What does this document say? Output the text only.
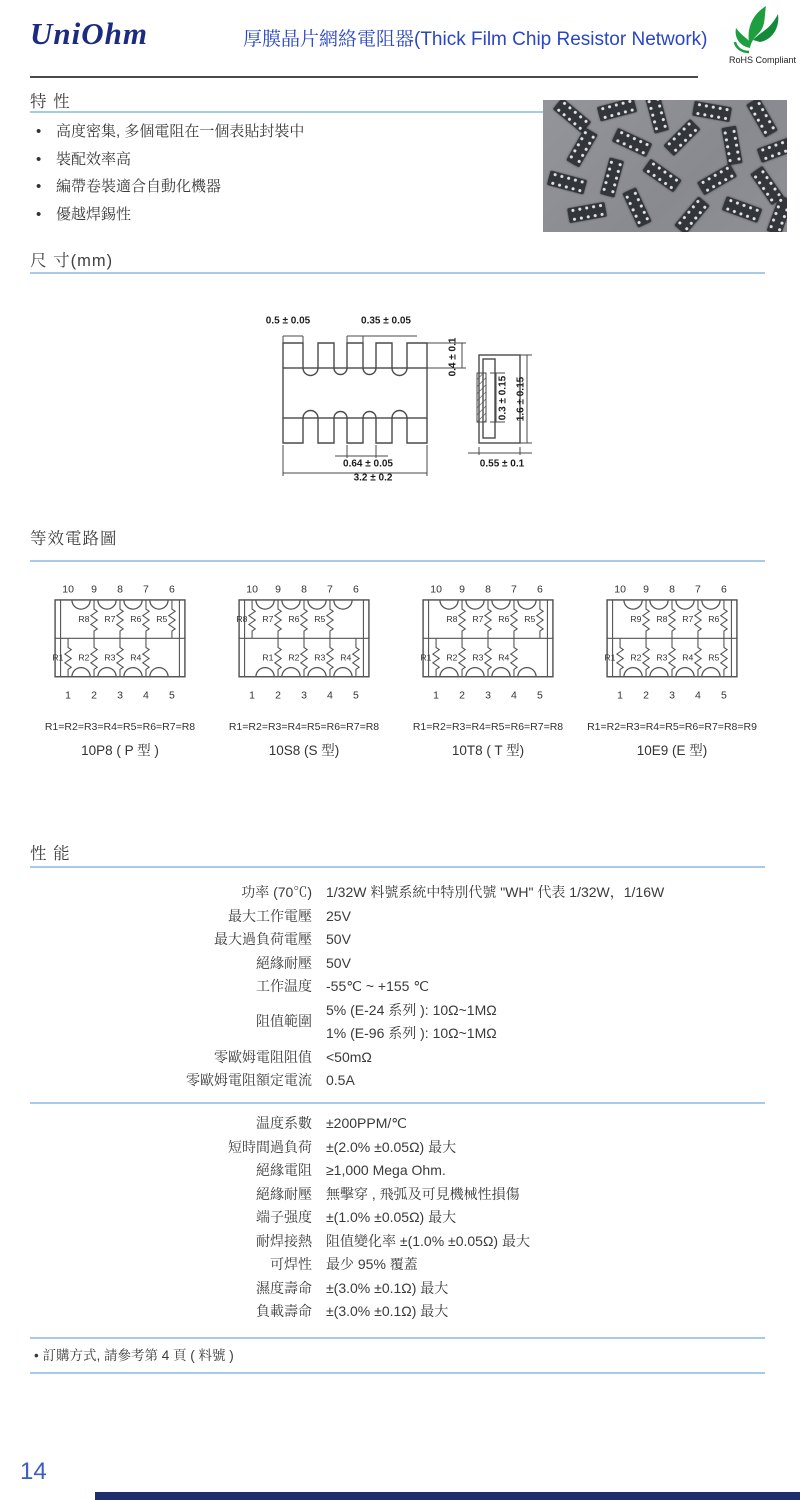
UniOhm	厚膜晶片網絡電阻器(Thick Film Chip Resistor Network)
RoHS Compliant
特 性
• 高度密集, 多個電阻在一個表貼封裝中
• 裝配效率高
• 編帶卷裝適合自動化機器
• 優越焊錫性
尺 寸(mm)
0.5 ± 0.05	0.35 ± 0.05
0.4 ± 0.1
0.64 ± 0.05
3.2 ± 0.2
0.3 ± 0.15 1.6 ± 0.15
0.55 ± 0.1
等效電路圖
10 9 8 7 6
1 2 3 4 5
R8 R7 R6 R5
R1 R2 R3 R4
R1=R2=R3=R4=R5=R6=R7=R8
10P8 ( P 型 )
10 9 8 7 6
1 2 3 4 5
R8 R7 R6 R5
R1 R2 R3 R4
R1=R2=R3=R4=R5=R6=R7=R8
10S8 (S 型)
10 9 8 7 6
1 2 3 4 5
R8 R7 R6 R5
R1 R2 R3 R4
R1=R2=R3=R4=R5=R6=R7=R8
10T8 ( T 型)
10 9 8 7 6
1 2 3 4 5
R9 R8 R7 R6
R1 R2 R3 R4 R5
R1=R2=R3=R4=R5=R6=R7=R8=R9
10E9 (E 型)
性 能
功率 (70℃) 1/32W 料號系統中特別代號 "WH" 代表 1/32W，1/16W
最大工作電壓 25V
最大過負荷電壓 50V
絕緣耐壓 50V
工作温度 -55℃ ~ +155 ℃
阻值範圍
5% (E-24 系列 ): 10Ω~1MΩ
1% (E-96 系列 ): 10Ω~1MΩ
零歐姆電阻阻值 <50mΩ
零歐姆電阻額定電流 0.5A
温度系數 ±200PPM/℃
短時間過負荷 ±(2.0% ±0.05Ω) 最大
絕緣電阻 ≥1,000 Mega Ohm.
絕緣耐壓 無擊穿 , 飛弧及可見機械性損傷
端子强度 ±(1.0% ±0.05Ω) 最大
耐焊接熱 阻值變化率 ±(1.0% ±0.05Ω) 最大
可焊性 最少 95% 覆蓋
濕度壽命 ±(3.0% ±0.1Ω) 最大
負載壽命 ±(3.0% ±0.1Ω) 最大
• 訂購方式, 請參考第 4 頁 ( 料號 )
14
